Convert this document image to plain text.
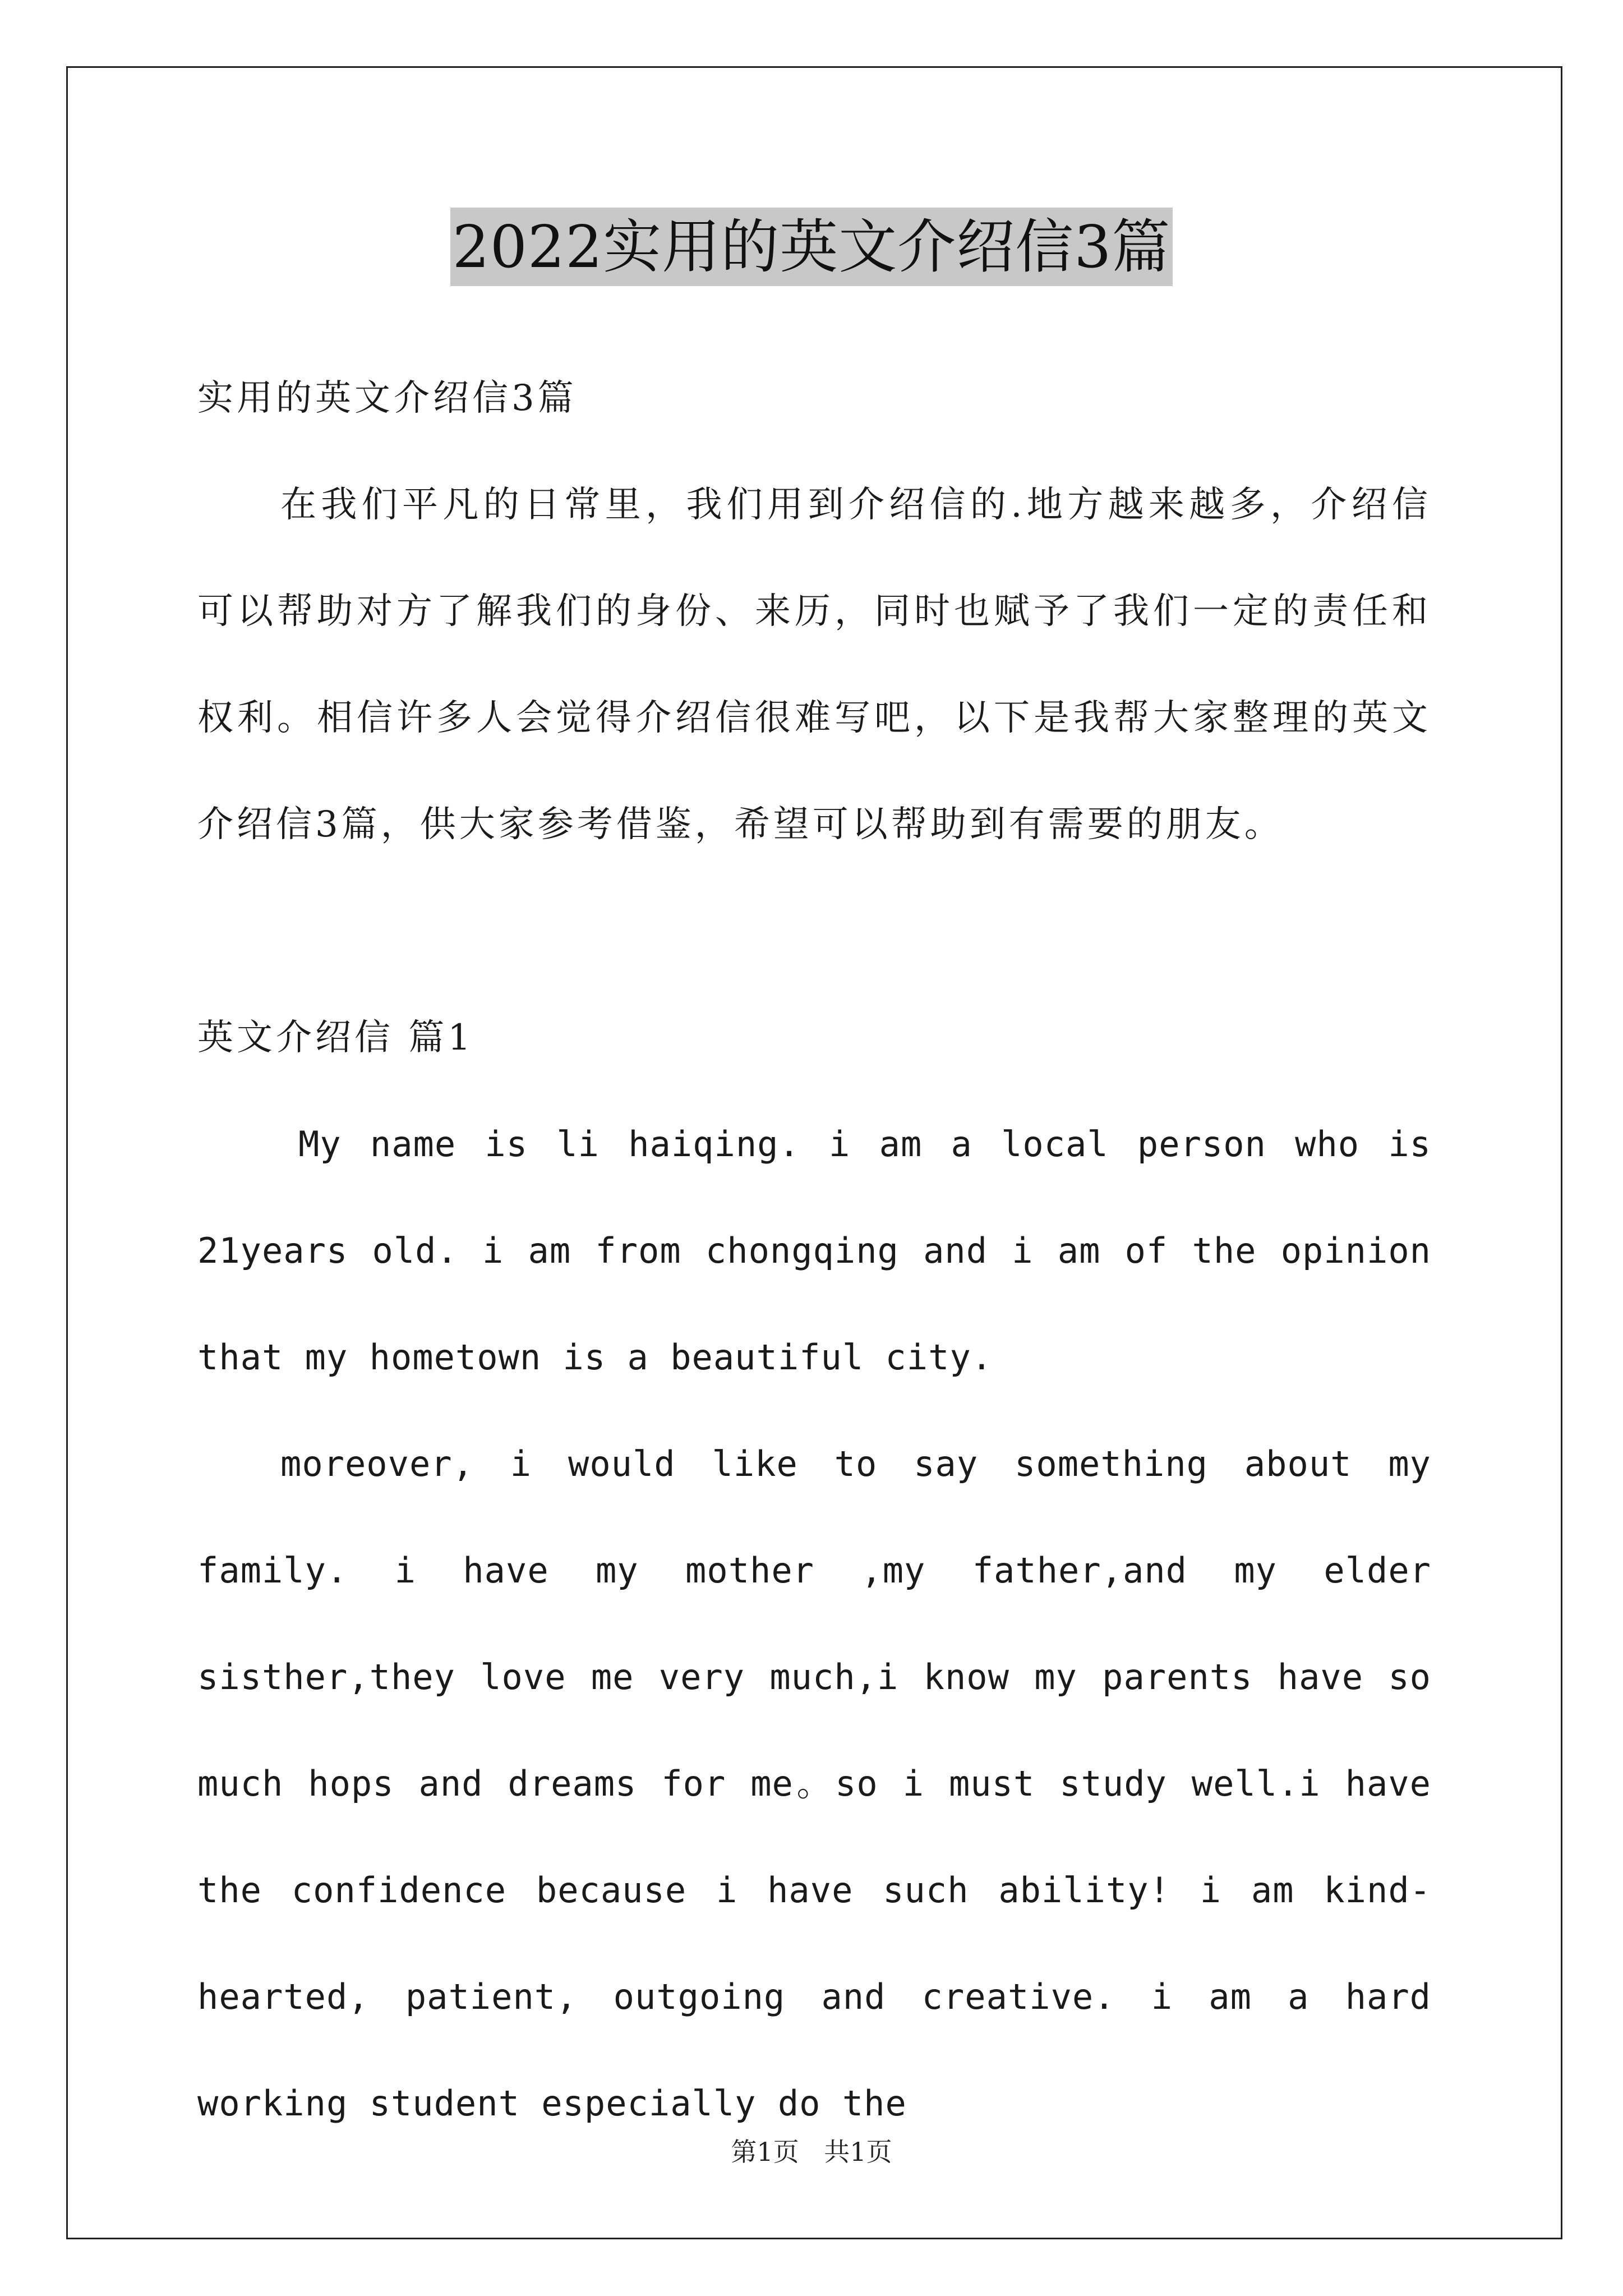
2022实用的英文介绍信3篇

实用的英文介绍信3篇

在我们平凡的日常里，我们用到介绍信的.地方越来越多，介绍信可以帮助对方了解我们的身份、来历，同时也赋予了我们一定的责任和权利。相信许多人会觉得介绍信很难写吧，以下是我帮大家整理的英文介绍信3篇，供大家参考借鉴，希望可以帮助到有需要的朋友。

英文介绍信 篇1

My name is li haiqing. i am a local person who is 21years old. i am from chongqing and i am of the opinion that my hometown is a beautiful city.

moreover, i would like to say something about my family. i have my mother ,my father,and my elder sisther,they love me very much,i know my parents have so much hops and dreams for me。so i must study well.i have the confidence because i have such ability! i am kind-hearted, patient, outgoing and creative. i am a hard working student especially do the

第1页 共1页
